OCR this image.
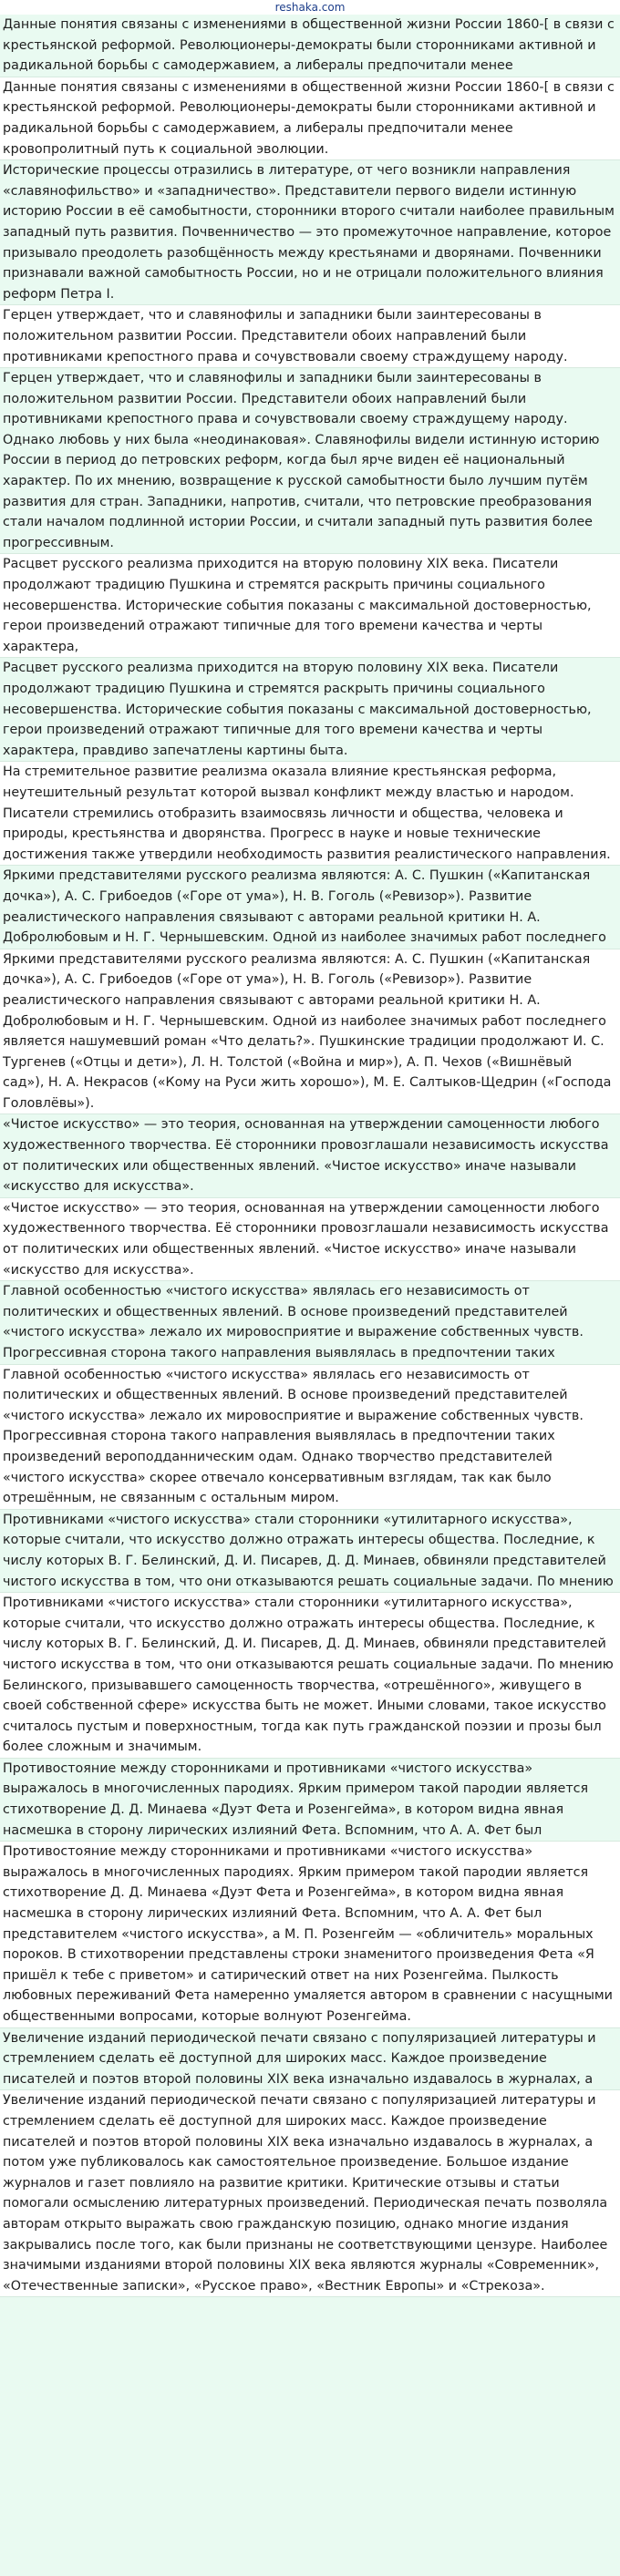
reshaka.com

Данные понятия связаны с изменениями в общественной жизни России 1860-[ в связи с крестьянской реформой. Революционеры-демократы были сторонниками активной и радикальной борьбы с самодержавием, а либералы предпочитали менее

Данные понятия связаны с изменениями в общественной жизни России 1860-[ в связи с крестьянской реформой. Революционеры-демократы были сторонниками активной и радикальной борьбы с самодержавием, а либералы предпочитали менее кровопролитный путь к социальной эволюции.

Исторические процессы отразились в литературе, от чего возникли направления «славянофильство» и «западничество». Представители первого видели истинную историю России в её самобытности, сторонники второго считали наиболее правильным западный путь развития. Почвенничество — это промежуточное направление, которое призывало преодолеть разобщённость между крестьянами и дворянами. Почвенники признавали важной самобытность России, но и не отрицали положительного влияния реформ Петра I.

Герцен утверждает, что и славянофилы и западники были заинтересованы в положительном развитии России. Представители обоих направлений были противниками крепостного права и сочувствовали своему страждущему народу.

Герцен утверждает, что и славянофилы и западники были заинтересованы в положительном развитии России. Представители обоих направлений были противниками крепостного права и сочувствовали своему страждущему народу. Однако любовь у них была «неодинаковая». Славянофилы видели истинную историю России в период до петровских реформ, когда был ярче виден её национальный характер. По их мнению, возвращение к русской самобытности было лучшим путём развития для стран. Западники, напротив, считали, что петровские преобразования стали началом подлинной истории России, и считали западный путь развития более прогрессивным.

Расцвет русского реализма приходится на вторую половину XIX века. Писатели продолжают традицию Пушкина и стремятся раскрыть причины социального несовершенства. Исторические события показаны с максимальной достоверностью, герои произведений отражают типичные для того времени качества и черты характера,

Расцвет русского реализма приходится на вторую половину XIX века. Писатели продолжают традицию Пушкина и стремятся раскрыть причины социального несовершенства. Исторические события показаны с максимальной достоверностью, герои произведений отражают типичные для того времени качества и черты характера, правдиво запечатлены картины быта.

На стремительное развитие реализма оказала влияние крестьянская реформа, неутешительный результат которой вызвал конфликт между властью и народом. Писатели стремились отобразить взаимосвязь личности и общества, человека и природы, крестьянства и дворянства. Прогресс в науке и новые технические достижения также утвердили необходимость развития реалистического направления.

Яркими представителями русского реализма являются: А. С. Пушкин («Капитанская дочка»), А. С. Грибоедов («Горе от ума»), Н. В. Гоголь («Ревизор»). Развитие реалистического направления связывают с авторами реальной критики Н. А. Добролюбовым и Н. Г. Чернышевским. Одной из наиболее значимых работ последнего

Яркими представителями русского реализма являются: А. С. Пушкин («Капитанская дочка»), А. С. Грибоедов («Горе от ума»), Н. В. Гоголь («Ревизор»). Развитие реалистического направления связывают с авторами реальной критики Н. А. Добролюбовым и Н. Г. Чернышевским. Одной из наиболее значимых работ последнего является нашумевший роман «Что делать?». Пушкинские традиции продолжают И. С. Тургенев («Отцы и дети»), Л. Н. Толстой («Война и мир»), А. П. Чехов («Вишнёвый сад»), Н. А. Некрасов («Кому на Руси жить хорошо»), М. Е. Салтыков-Щедрин («Господа Головлёвы»).

«Чистое искусство» — это теория, основанная на утверждении самоценности любого художественного творчества. Её сторонники провозглашали независимость искусства от политических или общественных явлений. «Чистое искусство» иначе называли «искусство для искусства».

«Чистое искусство» — это теория, основанная на утверждении самоценности любого художественного творчества. Её сторонники провозглашали независимость искусства от политических или общественных явлений. «Чистое искусство» иначе называли «искусство для искусства».

Главной особенностью «чистого искусства» являлась его независимость от политических и общественных явлений. В основе произведений представителей «чистого искусства» лежало их мировосприятие и выражение собственных чувств. Прогрессивная сторона такого направления выявлялась в предпочтении таких

Главной особенностью «чистого искусства» являлась его независимость от политических и общественных явлений. В основе произведений представителей «чистого искусства» лежало их мировосприятие и выражение собственных чувств. Прогрессивная сторона такого направления выявлялась в предпочтении таких произведений вероподданническим одам. Однако творчество представителей «чистого искусства» скорее отвечало консервативным взглядам, так как было отрешённым, не связанным с остальным миром.

Противниками «чистого искусства» стали сторонники «утилитарного искусства», которые считали, что искусство должно отражать интересы общества. Последние, к числу которых В. Г. Белинский, Д. И. Писарев, Д. Д. Минаев, обвиняли представителей чистого искусства в том, что они отказываются решать социальные задачи. По мнению

Противниками «чистого искусства» стали сторонники «утилитарного искусства», которые считали, что искусство должно отражать интересы общества. Последние, к числу которых В. Г. Белинский, Д. И. Писарев, Д. Д. Минаев, обвиняли представителей чистого искусства в том, что они отказываются решать социальные задачи. По мнению Белинского, призывавшего самоценность творчества, «отрешённого», живущего в своей собственной сфере» искусства быть не может. Иными словами, такое искусство считалось пустым и поверхностным, тогда как путь гражданской поэзии и прозы был более сложным и значимым.

Противостояние между сторонниками и противниками «чистого искусства» выражалось в многочисленных пародиях. Ярким примером такой пародии является стихотворение Д. Д. Минаева «Дуэт Фета и Розенгейма», в котором видна явная насмешка в сторону лирических излияний Фета. Вспомним, что А. А. Фет был

Противостояние между сторонниками и противниками «чистого искусства» выражалось в многочисленных пародиях. Ярким примером такой пародии является стихотворение Д. Д. Минаева «Дуэт Фета и Розенгейма», в котором видна явная насмешка в сторону лирических излияний Фета. Вспомним, что А. А. Фет был представителем «чистого искусства», а М. П. Розенгейм — «обличитель» моральных пороков. В стихотворении представлены строки знаменитого произведения Фета «Я пришёл к тебе с приветом» и сатирический ответ на них Розенгейма. Пылкость любовных переживаний Фета намеренно умаляется автором в сравнении с насущными общественными вопросами, которые волнуют Розенгейма.

Увеличение изданий периодической печати связано с популяризацией литературы и стремлением сделать её доступной для широких масс. Каждое произведение писателей и поэтов второй половины XIX века изначально издавалось в журналах, а

Увеличение изданий периодической печати связано с популяризацией литературы и стремлением сделать её доступной для широких масс. Каждое произведение писателей и поэтов второй половины XIX века изначально издавалось в журналах, а потом уже публиковалось как самостоятельное произведение. Большое издание журналов и газет повлияло на развитие критики. Критические отзывы и статьи помогали осмыслению литературных произведений. Периодическая печать позволяла авторам открыто выражать свою гражданскую позицию, однако многие издания закрывались после того, как были признаны не соответствующими цензуре. Наиболее значимыми изданиями второй половины XIX века являются журналы «Современник», «Отечественные записки», «Русское право», «Вестник Европы» и «Стрекоза».
